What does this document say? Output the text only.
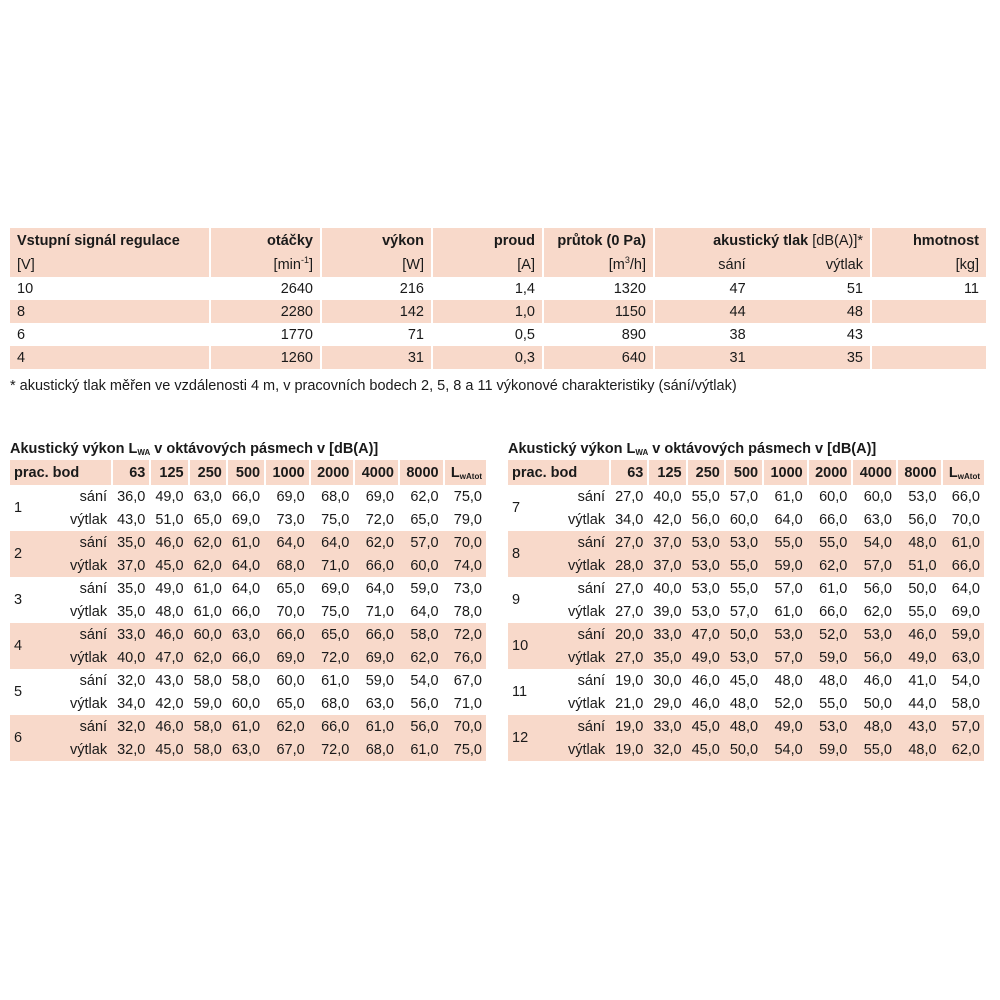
Vstupní signál regulace	otáčky	výkon	proud	průtok (0 Pa)	akustický tlak [dB(A)]*		hmotnost
[V]	$[\min^{-1}]$	[W]	[A]	$[m^3/h]$	sání	výtlak	[kg]
10	2640	216	1,4	1320	47	51	11
8	2280	142	1,0	1150	44	48	
6	1770	71	0,5	890	38	43	
4	1260	31	0,3	640	31	35	
* akustický tlak měřen ve vzdálenosti 4 m, v pracovních bodech 2, 5, 8 a 11 výkonové charakteristiky (sání/výtlak)
Akustický výkon $L_{WA}$ v oktávových pásmech v [dB(A)]
prac. bod		63	125	250	500	1000	2000	4000	8000	$L_{wAtot}$
1	sání	36,0	49,0	63,0	66,0	69,0	68,0	69,0	62,0	75,0
	výtlak	43,0	51,0	65,0	69,0	73,0	75,0	72,0	65,0	79,0
2	sání	35,0	46,0	62,0	61,0	64,0	64,0	62,0	57,0	70,0
	výtlak	37,0	45,0	62,0	64,0	68,0	71,0	66,0	60,0	74,0
3	sání	35,0	49,0	61,0	64,0	65,0	69,0	64,0	59,0	73,0
	výtlak	35,0	48,0	61,0	66,0	70,0	75,0	71,0	64,0	78,0
4	sání	33,0	46,0	60,0	63,0	66,0	65,0	66,0	58,0	72,0
	výtlak	40,0	47,0	62,0	66,0	69,0	72,0	69,0	62,0	76,0
5	sání	32,0	43,0	58,0	58,0	60,0	61,0	59,0	54,0	67,0
	výtlak	34,0	42,0	59,0	60,0	65,0	68,0	63,0	56,0	71,0
6	sání	32,0	46,0	58,0	61,0	62,0	66,0	61,0	56,0	70,0
	výtlak	32,0	45,0	58,0	63,0	67,0	72,0	68,0	61,0	75,0
Akustický výkon $L_{WA}$ v oktávových pásmech v [dB(A)]
prac. bod		63	125	250	500	1000	2000	4000	8000	$L_{wAtot}$
7	sání	27,0	40,0	55,0	57,0	61,0	60,0	60,0	53,0	66,0
	výtlak	34,0	42,0	56,0	60,0	64,0	66,0	63,0	56,0	70,0
8	sání	27,0	37,0	53,0	53,0	55,0	55,0	54,0	48,0	61,0
	výtlak	28,0	37,0	53,0	55,0	59,0	62,0	57,0	51,0	66,0
9	sání	27,0	40,0	53,0	55,0	57,0	61,0	56,0	50,0	64,0
	výtlak	27,0	39,0	53,0	57,0	61,0	66,0	62,0	55,0	69,0
10	sání	20,0	33,0	47,0	50,0	53,0	52,0	53,0	46,0	59,0
	výtlak	27,0	35,0	49,0	53,0	57,0	59,0	56,0	49,0	63,0
11	sání	19,0	30,0	46,0	45,0	48,0	48,0	46,0	41,0	54,0
	výtlak	21,0	29,0	46,0	48,0	52,0	55,0	50,0	44,0	58,0
12	sání	19,0	33,0	45,0	48,0	49,0	53,0	48,0	43,0	57,0
	výtlak	19,0	32,0	45,0	50,0	54,0	59,0	55,0	48,0	62,0
